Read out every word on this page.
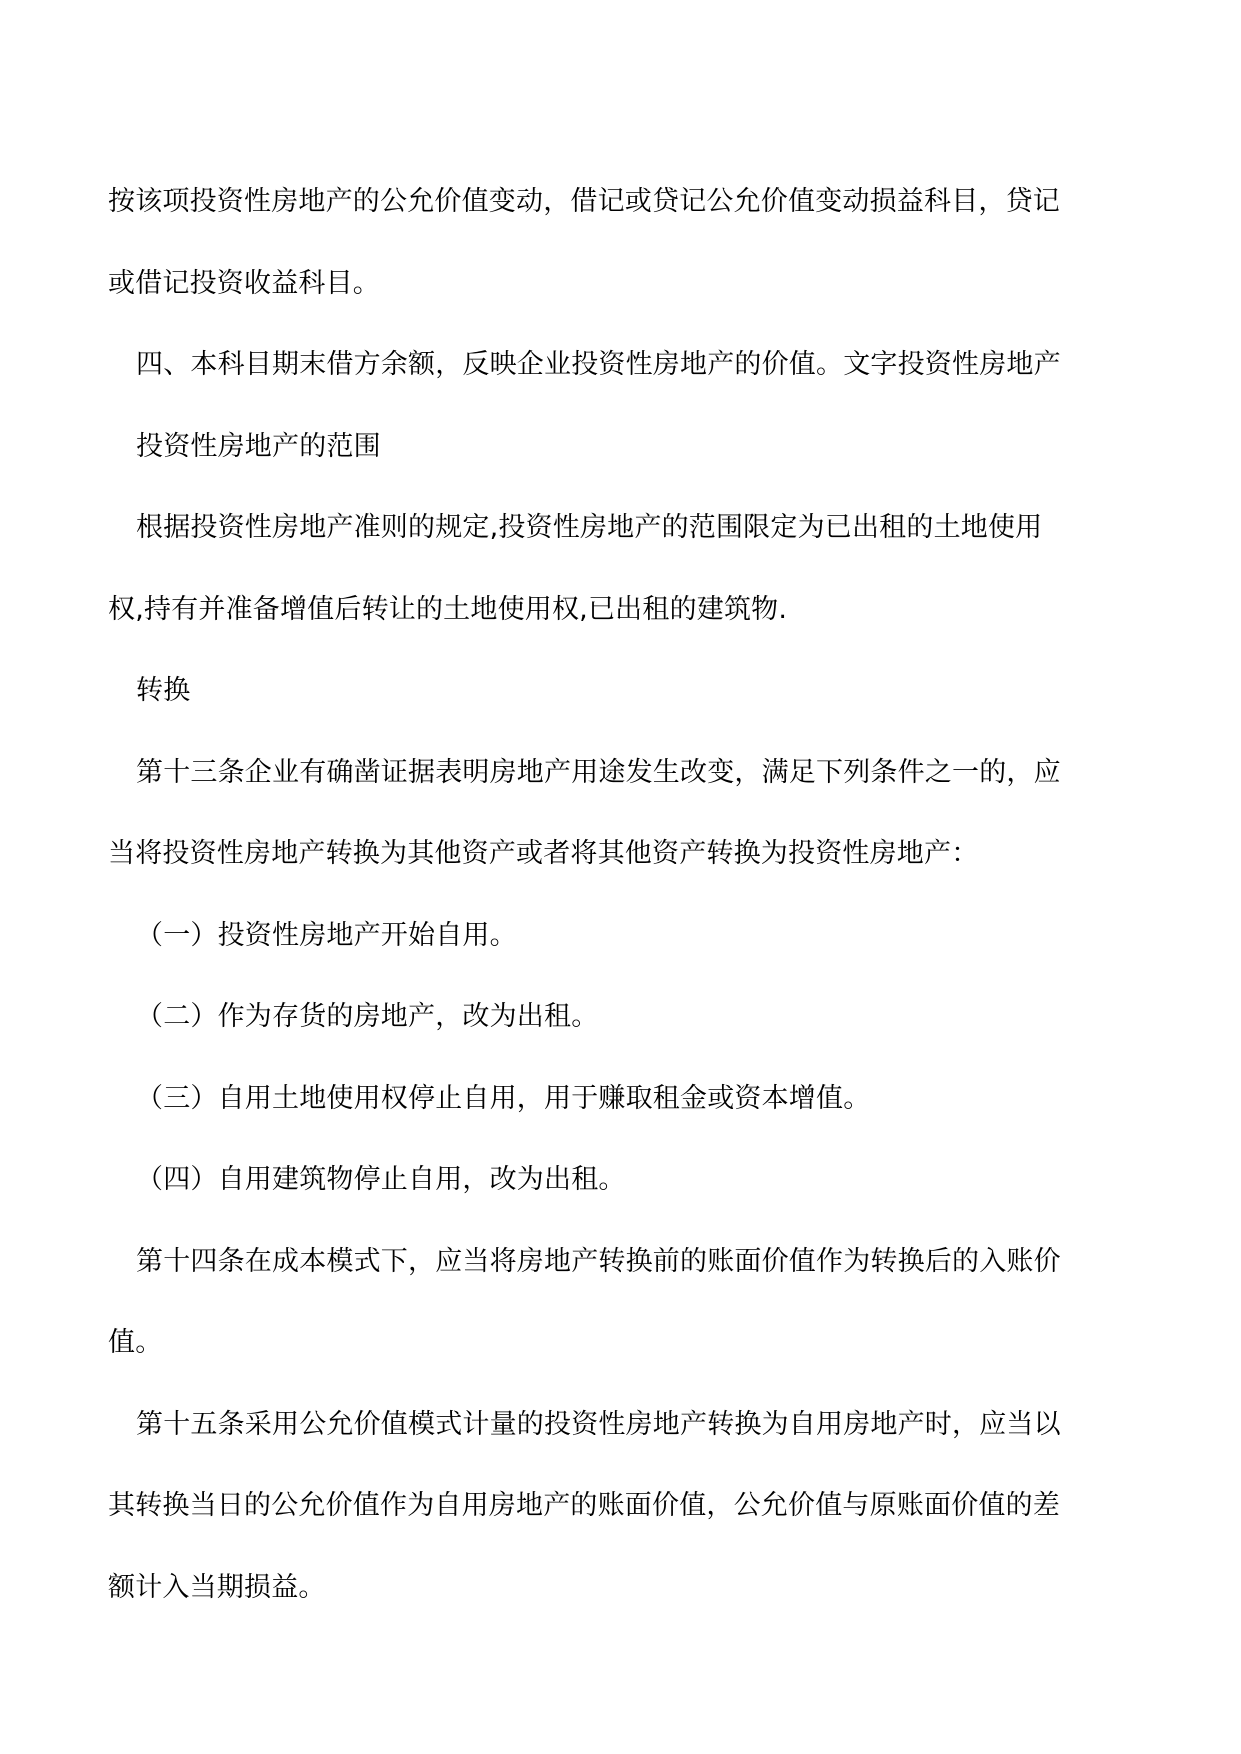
按该项投资性房地产的公允价值变动，借记或贷记公允价值变动损益科目，贷记

或借记投资收益科目。

四、本科目期末借方余额，反映企业投资性房地产的价值。文字投资性房地产

投资性房地产的范围

根据投资性房地产准则的规定,投资性房地产的范围限定为已出租的土地使用

权,持有并准备增值后转让的土地使用权,已出租的建筑物.

转换

第十三条企业有确凿证据表明房地产用途发生改变，满足下列条件之一的，应

当将投资性房地产转换为其他资产或者将其他资产转换为投资性房地产：

（一）投资性房地产开始自用。

（二）作为存货的房地产，改为出租。

（三）自用土地使用权停止自用，用于赚取租金或资本增值。

（四）自用建筑物停止自用，改为出租。

第十四条在成本模式下，应当将房地产转换前的账面价值作为转换后的入账价

值。

第十五条采用公允价值模式计量的投资性房地产转换为自用房地产时，应当以

其转换当日的公允价值作为自用房地产的账面价值，公允价值与原账面价值的差

额计入当期损益。
